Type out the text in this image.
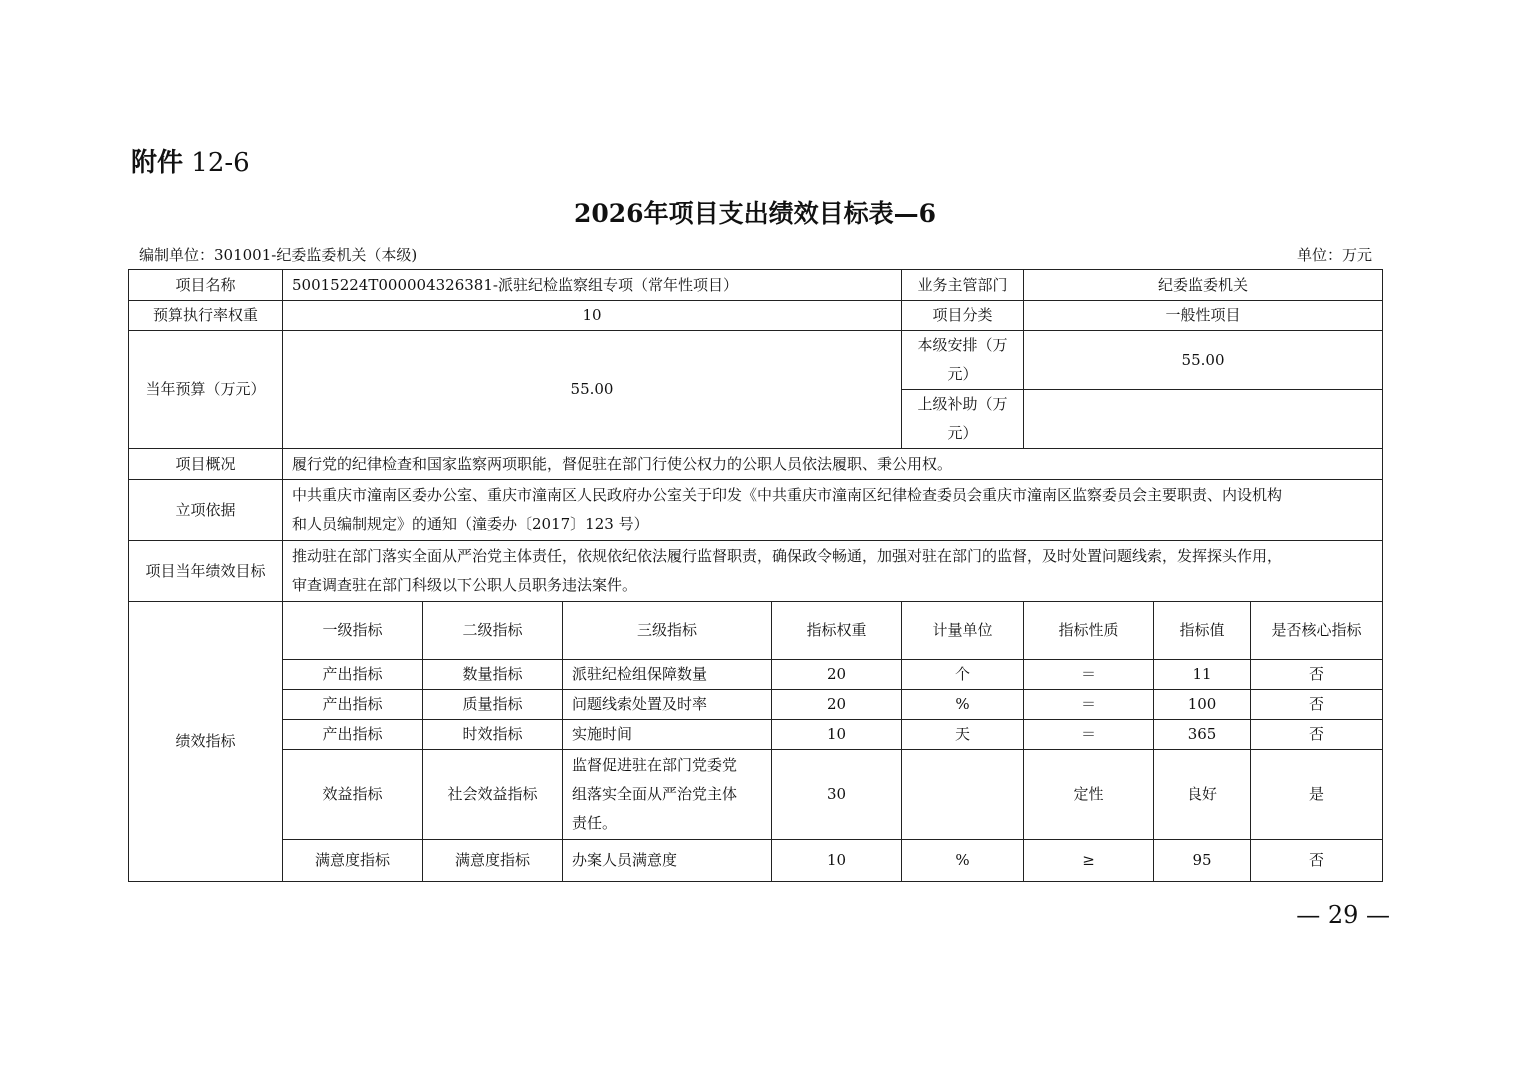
附件 12-6
2026年项目支出绩效目标表—6
编制单位：301001-纪委监委机关（本级)	单位：万元
项目名称	50015224T000004326381-派驻纪检监察组专项（常年性项目）				业务主管部门	纪委监委机关		
预算执行率权重	10				项目分类	一般性项目		
当年预算（万元）	55.00				本级安排（万元）	55.00		
					上级补助（万元）			
项目概况	履行党的纪律检查和国家监察两项职能，督促驻在部门行使公权力的公职人员依法履职、秉公用权。							
立项依据	中共重庆市潼南区委办公室、重庆市潼南区人民政府办公室关于印发《中共重庆市潼南区纪律检查委员会重庆市潼南区监察委员会主要职责、内设机构
和人员编制规定》的通知（潼委办〔2017〕123 号）							

项目当年绩效目标	推动驻在部门落实全面从严治党主体责任，依规依纪依法履行监督职责，确保政令畅通，加强对驻在部门的监督，及时处置问题线索，发挥探头作用，
审查调查驻在部门科级以下公职人员职务违法案件。							

绩效指标	一级指标	二级指标	三级指标	指标权重	计量单位	指标性质	指标值	是否核心指标
	产出指标	数量指标	派驻纪检组保障数量	20	个	＝	11	否
	产出指标	质量指标	问题线索处置及时率	20	%	＝	100	否
	产出指标	时效指标	实施时间	10	天	＝	365	否
	效益指标	社会效益指标	监督促进驻在部门党委党
组落实全面从严治党主体
责任。	30		定性	良好	是
	满意度指标	满意度指标	办案人员满意度	10	%	≥	95	否
— 29 —
